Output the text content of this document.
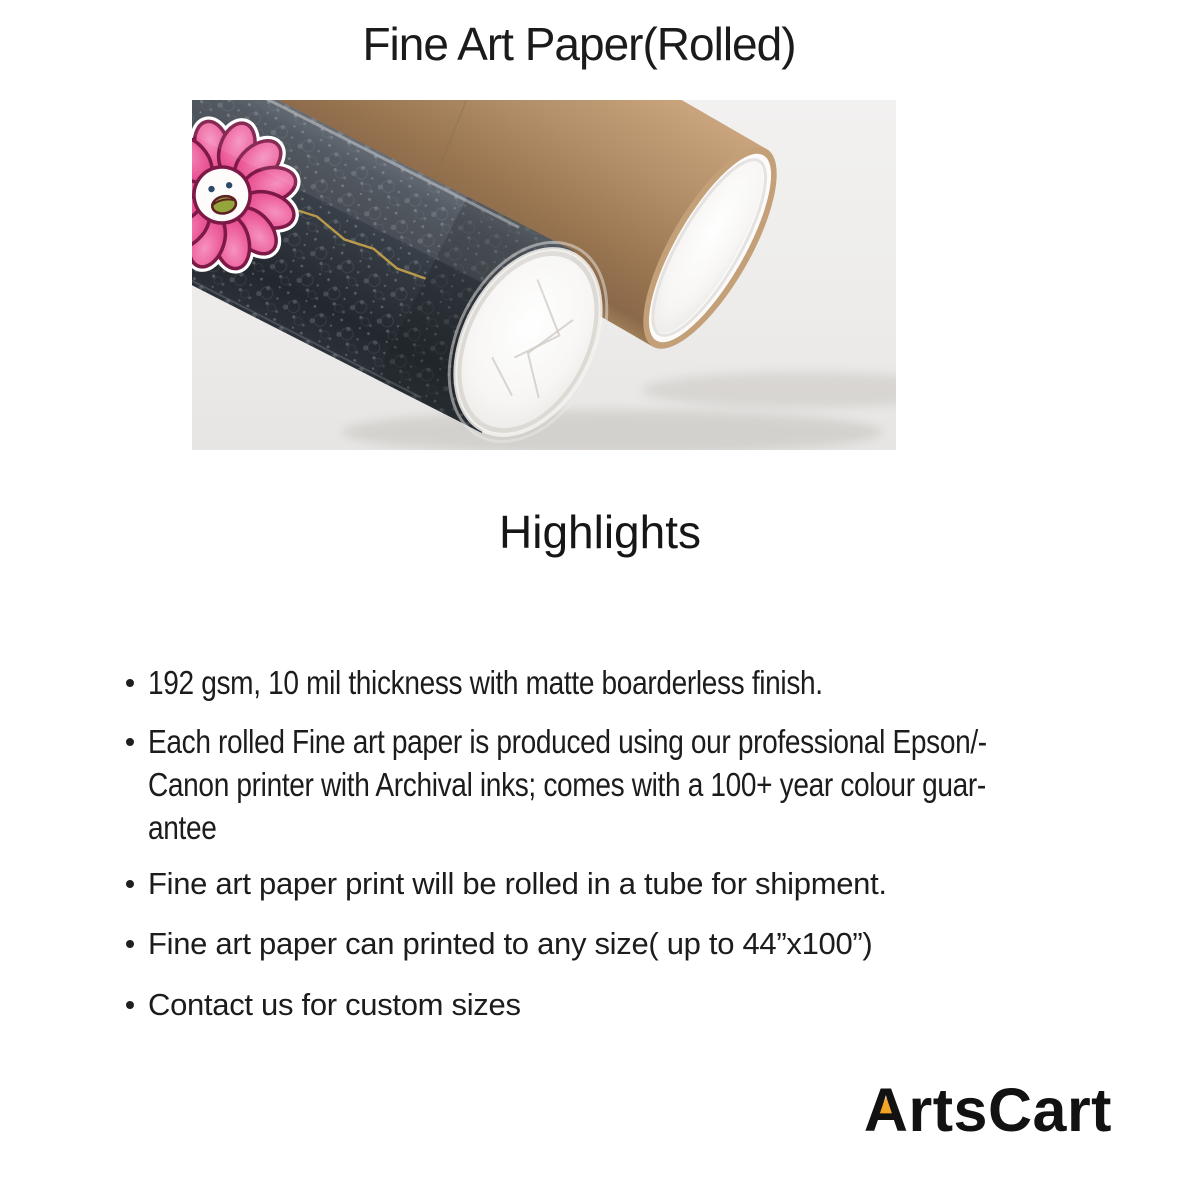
Fine Art Paper(Rolled)
Highlights
192 gsm, 10 mil thickness with matte boarderless finish.
Each rolled Fine art paper is produced using our professional Epson/-
Canon printer with Archival inks; comes with a 100+ year colour guar-
antee
Fine art paper print will be rolled in a tube for shipment.
Fine art paper can printed to any size( up to 44”x100”)
Contact us for custom sizes
ArtsCart
